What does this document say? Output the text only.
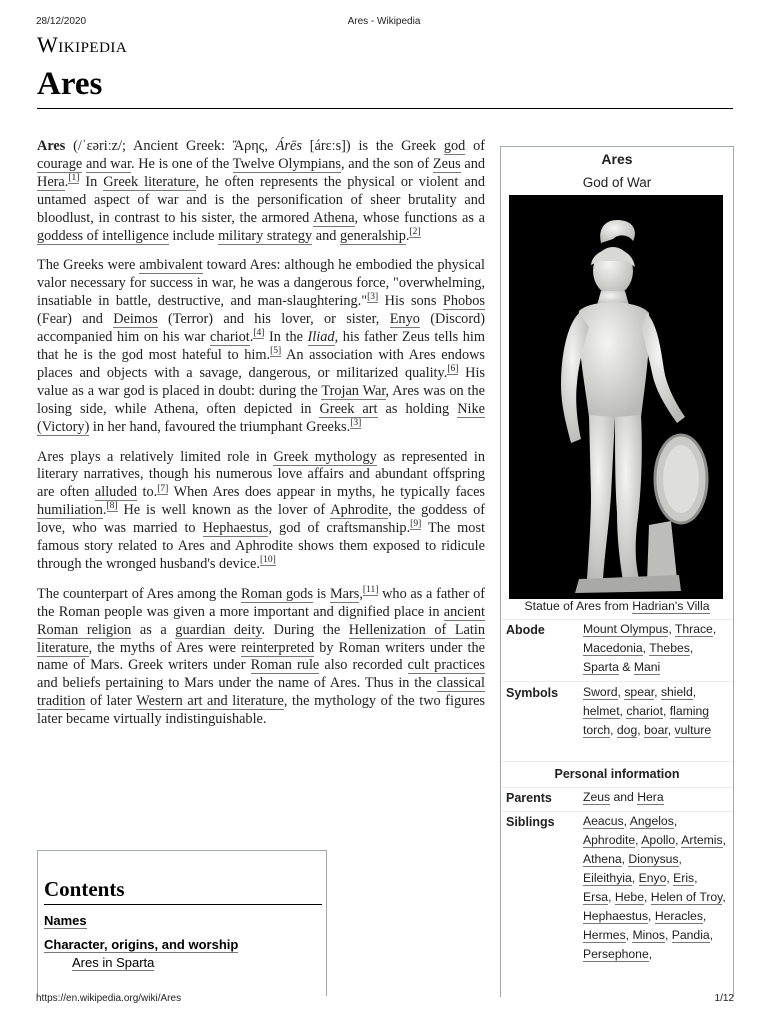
28/12/2020	Ares - Wikipedia
Wikipedia
Ares

Ares (/ˈɛəriːz/; Ancient Greek: Ἄρης, Árēs [árɛːs]) is the Greek god of courage and war. He is one of the Twelve Olympians, and the son of Zeus and Hera.[1] In Greek literature, he often represents the physical or violent and untamed aspect of war and is the personification of sheer brutality and bloodlust, in contrast to his sister, the armored Athena, whose functions as a goddess of intelligence include military strategy and generalship.[2]

The Greeks were ambivalent toward Ares: although he embodied the physical valor necessary for success in war, he was a dangerous force, "overwhelming, insatiable in battle, destructive, and man-slaughtering."[3] His sons Phobos (Fear) and Deimos (Terror) and his lover, or sister, Enyo (Discord) accompanied him on his war chariot.[4] In the Iliad, his father Zeus tells him that he is the god most hateful to him.[5] An association with Ares endows places and objects with a savage, dangerous, or militarized quality.[6] His value as a war god is placed in doubt: during the Trojan War, Ares was on the losing side, while Athena, often depicted in Greek art as holding Nike (Victory) in her hand, favoured the triumphant Greeks.[3]

Ares plays a relatively limited role in Greek mythology as represented in literary narratives, though his numerous love affairs and abundant offspring are often alluded to.[7] When Ares does appear in myths, he typically faces humiliation.[8] He is well known as the lover of Aphrodite, the goddess of love, who was married to Hephaestus, god of craftsmanship.[9] The most famous story related to Ares and Aphrodite shows them exposed to ridicule through the wronged husband's device.[10]

The counterpart of Ares among the Roman gods is Mars,[11] who as a father of the Roman people was given a more important and dignified place in ancient Roman religion as a guardian deity. During the Hellenization of Latin literature, the myths of Ares were reinterpreted by Roman writers under the name of Mars. Greek writers under Roman rule also recorded cult practices and beliefs pertaining to Mars under the name of Ares. Thus in the classical tradition of later Western art and literature, the mythology of the two figures later became virtually indistinguishable.

Contents
Names
Character, origins, and worship
Ares in Sparta
Ares
God of War
Statue of Ares from Hadrian's Villa
Abode	Mount Olympus, Thrace, Macedonia, Thebes, Sparta & Mani
Symbols Sword, spear, shield, helmet, chariot, flaming torch, dog, boar, vulture
Personal information
Parents	Zeus and Hera
Siblings Aeacus, Angelos, Aphrodite, Apollo, Artemis, Athena, Dionysus, Eileithyia, Enyo, Eris, Ersa, Hebe, Helen of Troy, Hephaestus, Heracles, Hermes, Minos, Pandia, Persephone,
https://en.wikipedia.org/wiki/Ares	1/12
